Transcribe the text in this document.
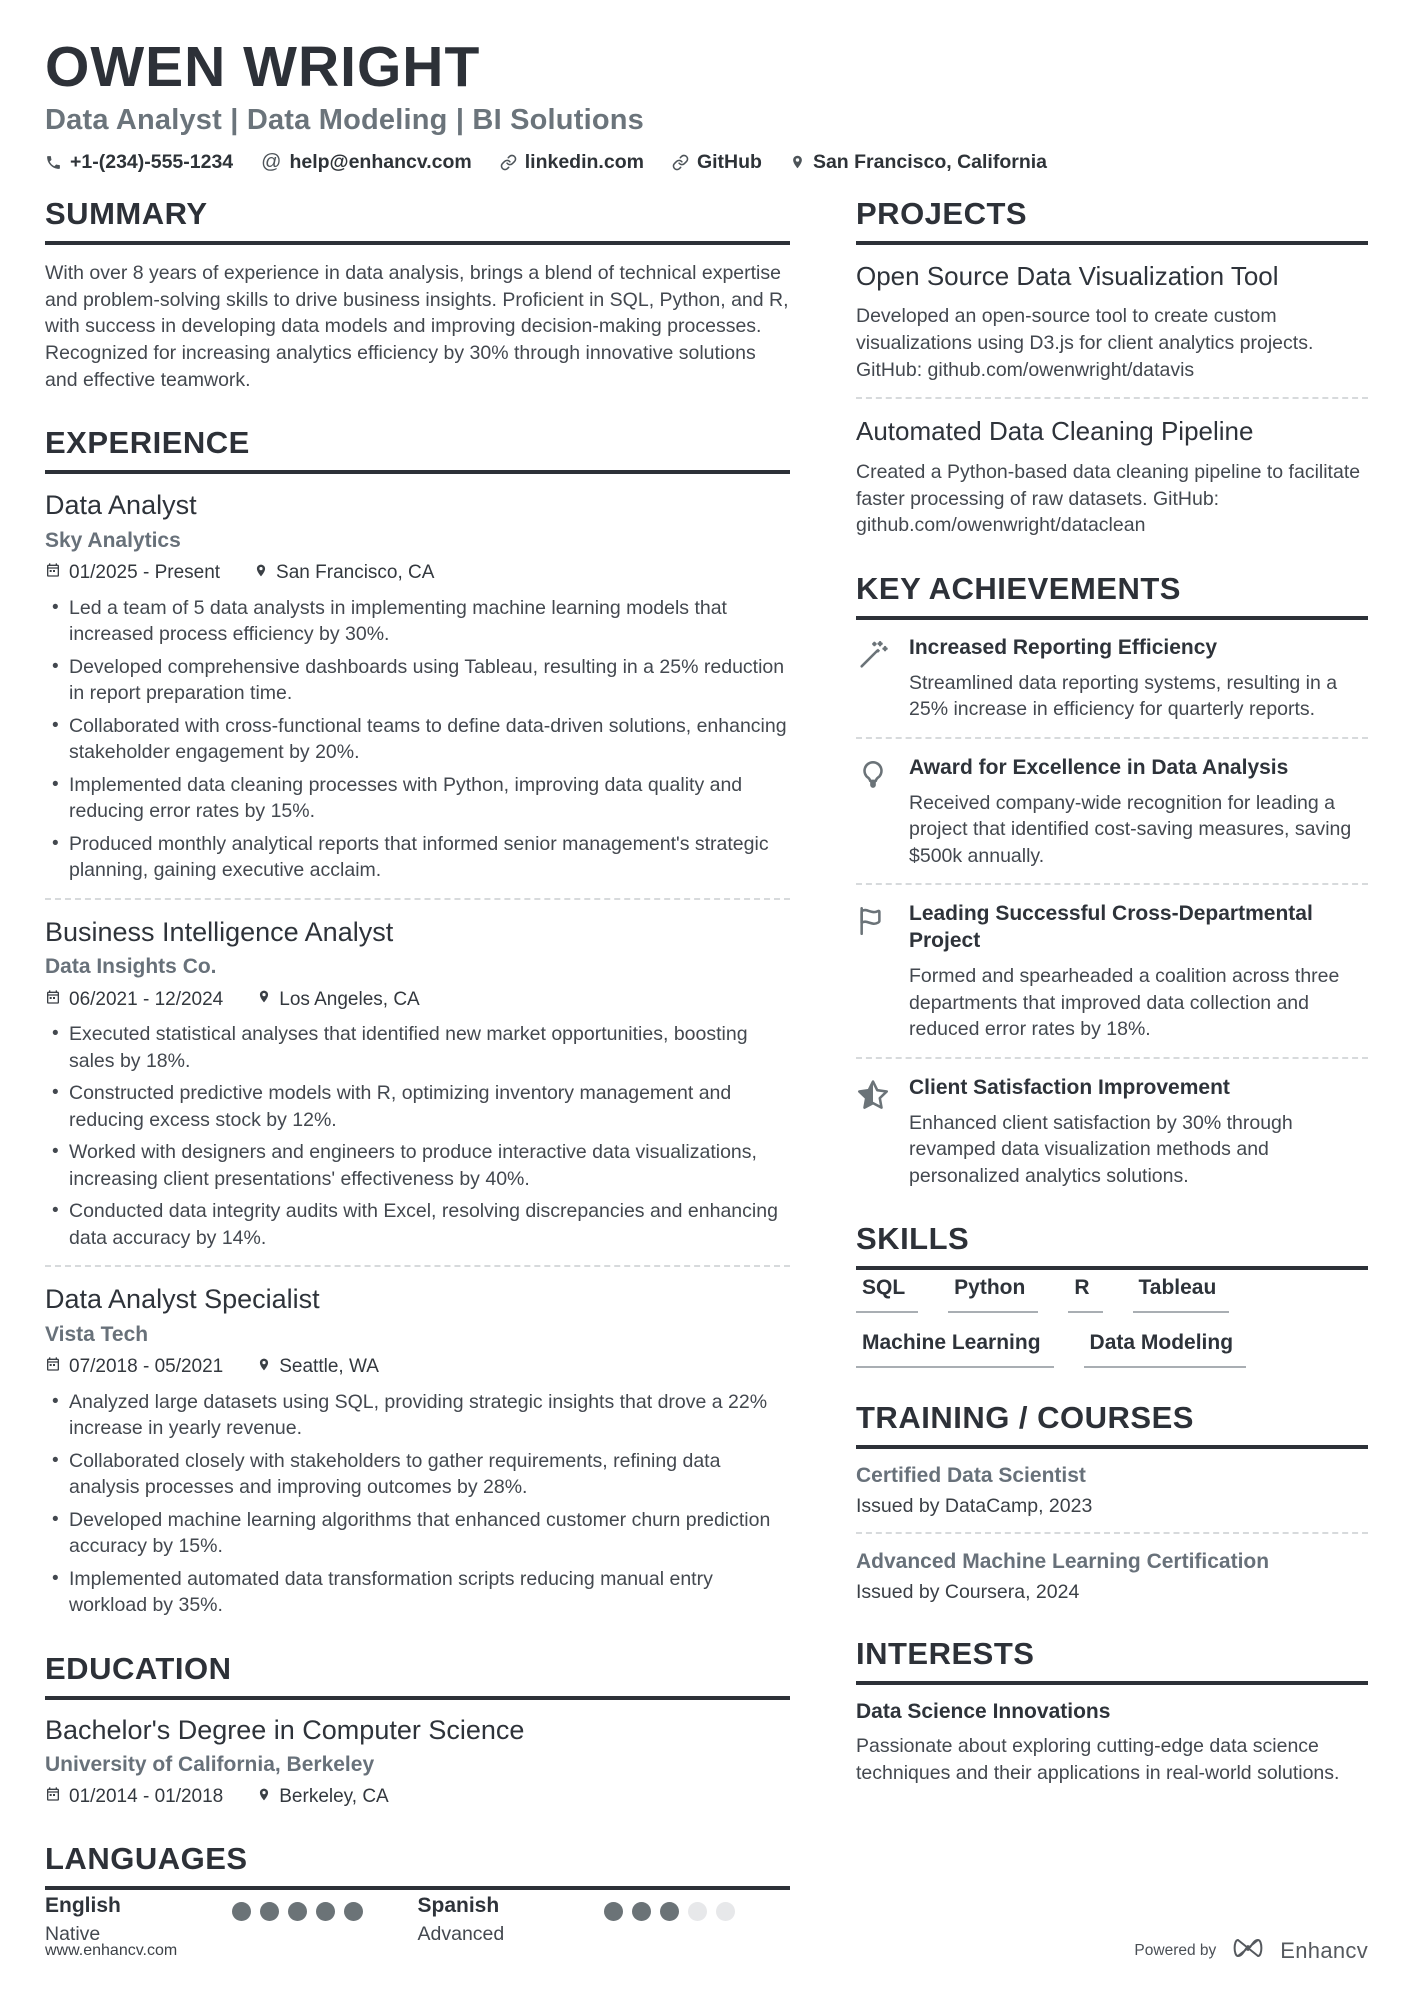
OWEN WRIGHT
Data Analyst | Data Modeling | BI Solutions
+1-(234)-555-1234 @ help@enhancv.com	linkedin.com	GitHub	San Francisco, California
SUMMARY

With over 8 years of experience in data analysis, brings a blend of technical expertise and problem-solving skills to drive business insights. Proficient in SQL, Python, and R, with success in developing data models and improving decision-making processes. Recognized for increasing analytics efficiency by 30% through innovative solutions and effective teamwork.

EXPERIENCE
Data Analyst
Sky Analytics
01/2025 - Present	San Francisco, CA
• Led a team of 5 data analysts in implementing machine learning models that increased process efficiency by 30%.
• Developed comprehensive dashboards using Tableau, resulting in a 25% reduction in report preparation time.
• Collaborated with cross-functional teams to define data-driven solutions, enhancing stakeholder engagement by 20%.
• Implemented data cleaning processes with Python, improving data quality and reducing error rates by 15%.
• Produced monthly analytical reports that informed senior management's strategic planning, gaining executive acclaim.
Business Intelligence Analyst
Data Insights Co.
06/2021 - 12/2024	Los Angeles, CA
• Executed statistical analyses that identified new market opportunities, boosting sales by 18%.
• Constructed predictive models with R, optimizing inventory management and reducing excess stock by 12%.
• Worked with designers and engineers to produce interactive data visualizations, increasing client presentations' effectiveness by 40%.
• Conducted data integrity audits with Excel, resolving discrepancies and enhancing data accuracy by 14%.
Data Analyst Specialist
Vista Tech
07/2018 - 05/2021	Seattle, WA
• Analyzed large datasets using SQL, providing strategic insights that drove a 22% increase in yearly revenue.
• Collaborated closely with stakeholders to gather requirements, refining data analysis processes and improving outcomes by 28%.
• Developed machine learning algorithms that enhanced customer churn prediction accuracy by 15%.
• Implemented automated data transformation scripts reducing manual entry workload by 35%.
EDUCATION
Bachelor's Degree in Computer Science
University of California, Berkeley
01/2014 - 01/2018	Berkeley, CA
LANGUAGES
English
Native
Spanish
Advanced
PROJECTS
Open Source Data Visualization Tool

Developed an open-source tool to create custom visualizations using D3.js for client analytics projects. GitHub: github.com/owenwright/datavis

Automated Data Cleaning Pipeline

Created a Python-based data cleaning pipeline to facilitate faster processing of raw datasets. GitHub: github.com/owenwright/dataclean

KEY ACHIEVEMENTS
Increased Reporting Efficiency
Streamlined data reporting systems, resulting in a 25% increase in efficiency for quarterly reports.
Award for Excellence in Data Analysis
Received company-wide recognition for leading a project that identified cost-saving measures, saving $500k annually.
Leading Successful Cross-Departmental Project
Formed and spearheaded a coalition across three departments that improved data collection and reduced error rates by 18%.
Client Satisfaction Improvement
Enhanced client satisfaction by 30% through revamped data visualization methods and personalized analytics solutions.
SKILLS
SQL	Python	R	Tableau
Machine Learning	Data Modeling
TRAINING / COURSES
Certified Data Scientist
Issued by DataCamp, 2023
Advanced Machine Learning Certification
Issued by Coursera, 2024
INTERESTS
Data Science Innovations

Passionate about exploring cutting-edge data science techniques and their applications in real-world solutions.

www.enhancv.com	Powered by	Enhancv
